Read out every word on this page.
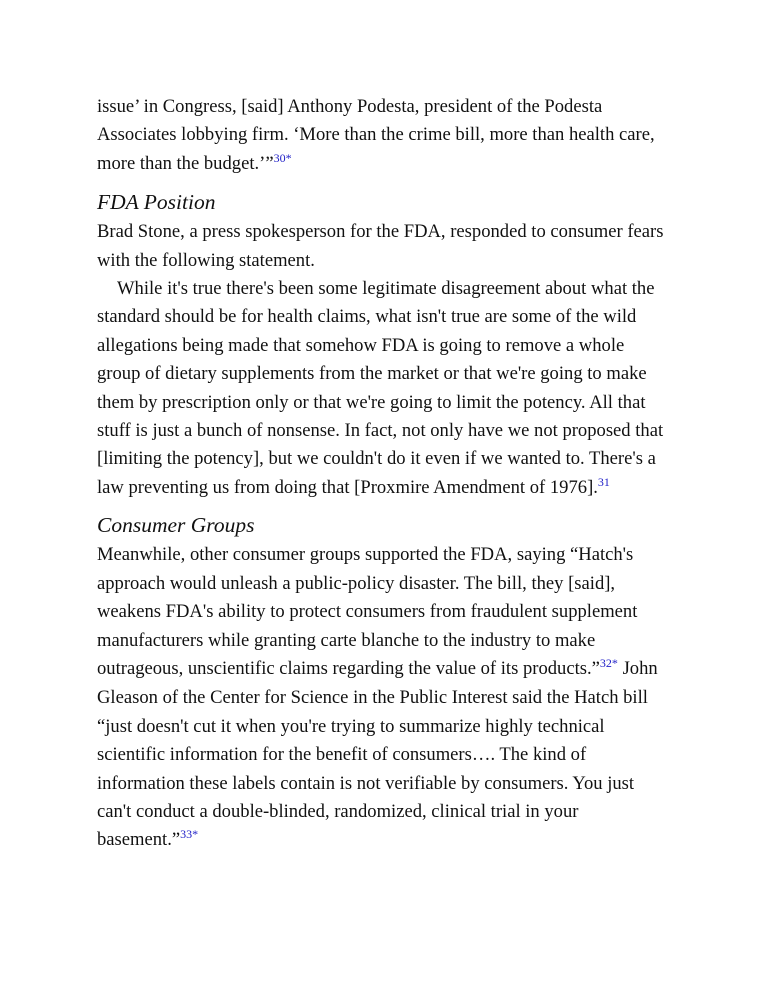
issue’ in Congress, [said] Anthony Podesta, president of the Podesta
Associates lobbying firm. ‘More than the crime bill, more than health care,
more than the budget.’”$^{30*}$

FDA Position

Brad Stone, a press spokesperson for the FDA, responded to consumer fears
with the following statement.

While it's true there's been some legitimate disagreement about what the
standard should be for health claims, what isn't true are some of the wild
allegations being made that somehow FDA is going to remove a whole
group of dietary supplements from the market or that we're going to make
them by prescription only or that we're going to limit the potency. All that
stuff is just a bunch of nonsense. In fact, not only have we not proposed that
[limiting the potency], but we couldn't do it even if we wanted to. There's a
law preventing us from doing that [Proxmire Amendment of 1976].$^{31}$

Consumer Groups

Meanwhile, other consumer groups supported the FDA, saying “Hatch's
approach would unleash a public-policy disaster. The bill, they [said],
weakens FDA's ability to protect consumers from fraudulent supplement
manufacturers while granting carte blanche to the industry to make
outrageous, unscientific claims regarding the value of its products.”$^{32*}$ John
Gleason of the Center for Science in the Public Interest said the Hatch bill
“just doesn't cut it when you're trying to summarize highly technical
scientific information for the benefit of consumers…. The kind of
information these labels contain is not verifiable by consumers. You just
can't conduct a double-blinded, randomized, clinical trial in your
basement.”$^{33*}$
